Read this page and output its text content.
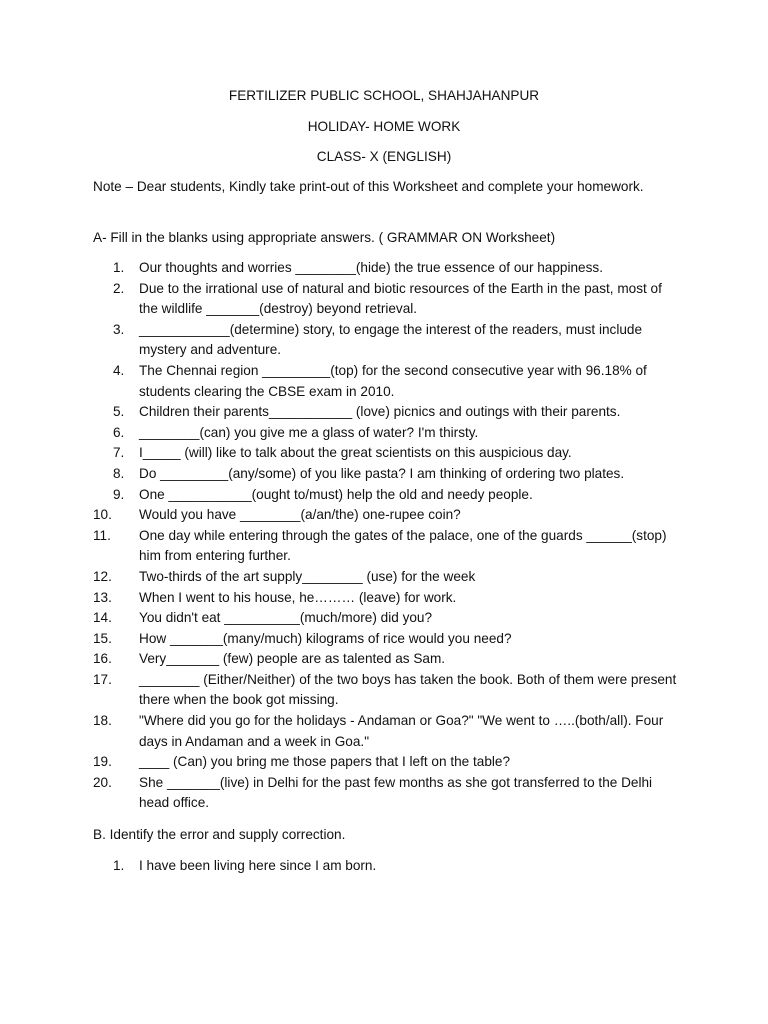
FERTILIZER PUBLIC SCHOOL, SHAHJAHANPUR
HOLIDAY- HOME WORK
CLASS- X (ENGLISH)
Note – Dear students, Kindly take print-out of this Worksheet and complete your homework.
A- Fill in the blanks using appropriate answers. ( GRAMMAR ON Worksheet)
1. Our thoughts and worries ________(hide) the true essence of our happiness.
2. Due to the irrational use of natural and biotic resources of the Earth in the past, most of the wildlife _______(destroy) beyond retrieval.
3. ____________(determine) story, to engage the interest of the readers, must include mystery and adventure.
4. The Chennai region _________(top) for the second consecutive year with 96.18% of students clearing the CBSE exam in 2010.
5. Children their parents___________ (love) picnics and outings with their parents.
6. ________(can) you give me a glass of water? I'm thirsty.
7. I_____ (will) like to talk about the great scientists on this auspicious day.
8. Do _________(any/some) of you like pasta? I am thinking of ordering two plates.
9. One ___________(ought to/must) help the old and needy people.
10. Would you have ________(a/an/the) one-rupee coin?
11. One day while entering through the gates of the palace, one of the guards ______(stop) him from entering further.
12. Two-thirds of the art supply________ (use) for the week
13. When I went to his house, he……… (leave) for work.
14. You didn't eat __________(much/more) did you?
15. How _______(many/much) kilograms of rice would you need?
16. Very_______ (few) people are as talented as Sam.
17. ________ (Either/Neither) of the two boys has taken the book. Both of them were present there when the book got missing.
18. "Where did you go for the holidays - Andaman or Goa?" "We went to …..(both/all). Four days in Andaman and a week in Goa."
19. ____ (Can) you bring me those papers that I left on the table?
20. She _______(live) in Delhi for the past few months as she got transferred to the Delhi head office.
B. Identify the error and supply correction.
1. I have been living here since I am born.
